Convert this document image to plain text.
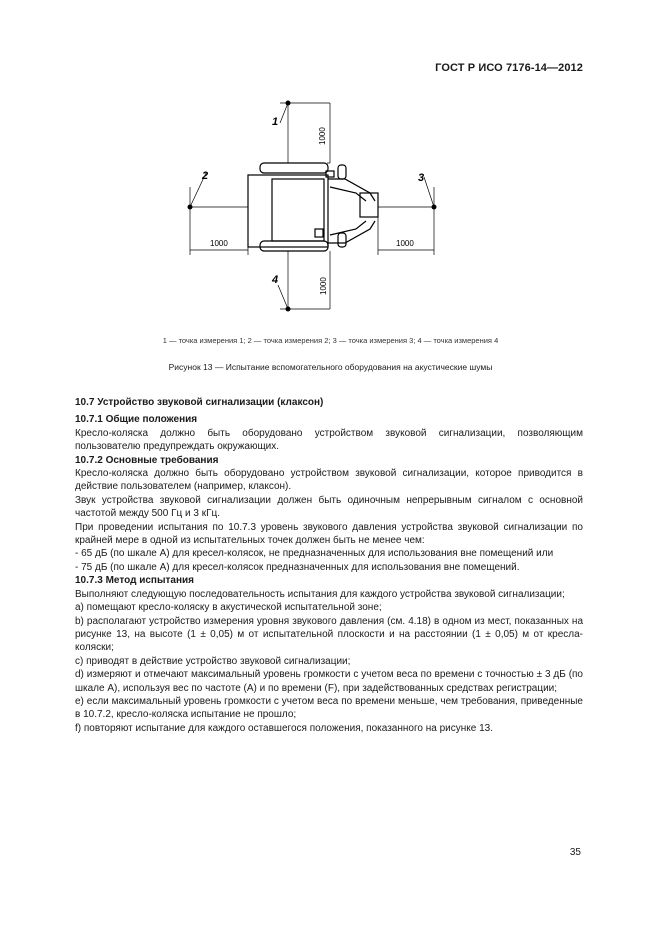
ГОСТ Р ИСО 7176-14—2012
1
2	3
4
1000
1000
1000	1000
1 — точка измерения 1; 2 — точка измерения 2; 3 — точка измерения 3; 4 — точка измерения 4
Рисунок 13 — Испытание вспомогательного оборудования на акустические шумы

10.7 Устройство звуковой сигнализации (клаксон)

10.7.1 Общие положения

Кресло-коляска должно быть оборудовано устройством звуковой сигнализации, позволяющим пользователю предупреждать окружающих.

10.7.2 Основные требования

Кресло-коляска должно быть оборудовано устройством звуковой сигнализации, которое приводится в действие пользователем (например, клаксон).

Звук устройства звуковой сигнализации должен быть одиночным непрерывным сигналом с основной частотой между 500 Гц и 3 кГц.

При проведении испытания по 10.7.3 уровень звукового давления устройства звуковой сигнализации по крайней мере в одной из испытательных точек должен быть не менее чем:

- 65 дБ (по шкале А) для кресел-колясок, не предназначенных для использования вне помещений или

- 75 дБ (по шкале А) для кресел-колясок предназначенных для использования вне помещений.

10.7.3 Метод испытания

Выполняют следующую последовательность испытания для каждого устройства звуковой сигнализации;

a) помещают кресло-коляску в акустической испытательной зоне;

b) располагают устройство измерения уровня звукового давления (см. 4.18) в одном из мест, показанных на рисунке 13, на высоте (1 ± 0,05) м от испытательной плоскости и на расстоянии (1 ± 0,05) м от кресла-коляски;

c) приводят в действие устройство звуковой сигнализации;

d) измеряют и отмечают максимальный уровень громкости с учетом веса по времени с точностью ± 3 дБ (по шкале А), используя вес по частоте (А) и по времени (F), при задействованных средствах регистрации;

e) если максимальный уровень громкости с учетом веса по времени меньше, чем требования, приведенные в 10.7.2, кресло-коляска испытание не прошло;

f) повторяют испытание для каждого оставшегося положения, показанного на рисунке 13.

35
